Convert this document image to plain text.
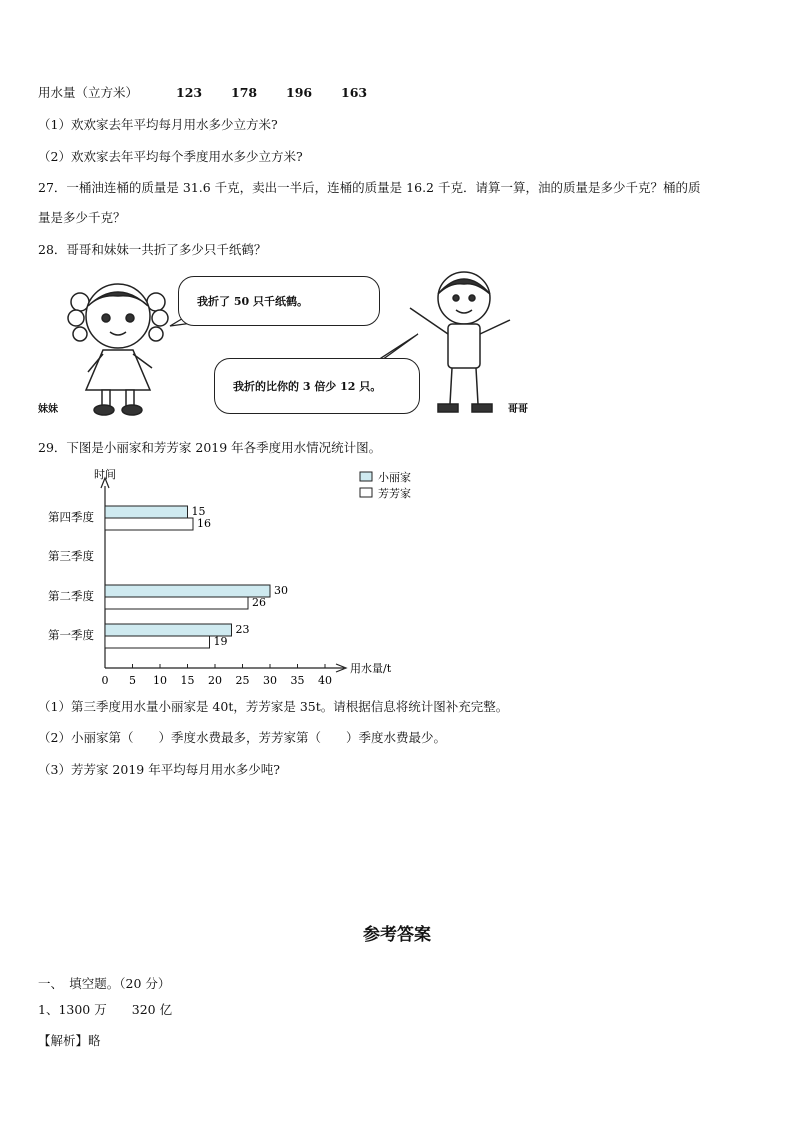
用水量（立方米）	123 178 196 163
（1）欢欢家去年平均每月用水多少立方米?
（2）欢欢家去年平均每个季度用水多少立方米?
27．一桶油连桶的质量是 31.6 千克，卖出一半后，连桶的质量是 16.2 千克．请算一算，油的质量是多少千克？桶的质
量是多少千克？
28．哥哥和妹妹一共折了多少只千纸鹤？
妹妹
我折了 50 只千纸鹤。
我折的比你的 3 倍少 12 只。
哥哥
29．下图是小丽家和芳芳家 2019 年各季度用水情况统计图。
时间
用水量/t
第四季度
第三季度
第二季度
第一季度
0 5 10 15 20 25 30 35 40
15
16
30
26
23
19
小丽家
芳芳家
（1）第三季度用水量小丽家是 40t，芳芳家是 35t。请根据信息将统计图补充完整。
（2）小丽家第（　　）季度水费最多，芳芳家第（　　）季度水费最少。
（3）芳芳家 2019 年平均每月用水多少吨?
参考答案
一、　填空题。（20 分）
1、1300 万　　320 亿
【解析】略
